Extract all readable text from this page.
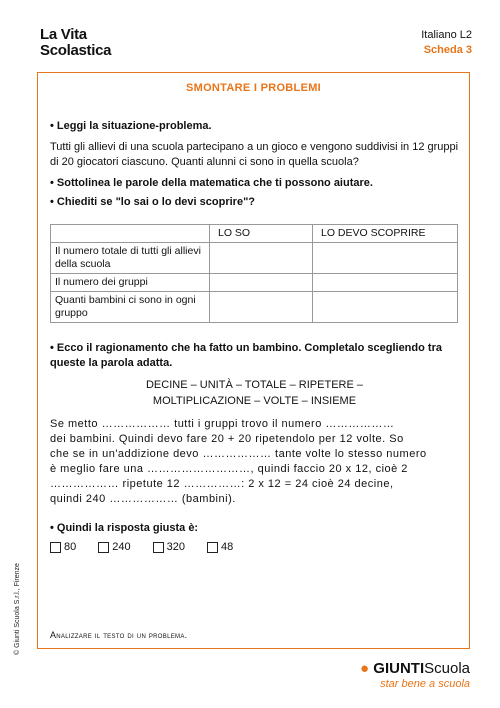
La Vita
Scolastica
Italiano L2
Scheda 3
SMONTARE I PROBLEMI

• Leggi la situazione-problema.

Tutti gli allievi di una scuola partecipano a un gioco e vengono suddivisi in 12 gruppi di 20 giocatori ciascuno. Quanti alunni ci sono in quella scuola?

• Sottolinea le parole della matematica che ti possono aiutare.

• Chiediti se "lo sai o lo devi scoprire"?

	LO SO	LO DEVO SCOPRIRE
Il numero totale di tutti gli allievi della scuola		
Il numero dei gruppi		
Quanti bambini ci sono in ogni gruppo		

• Ecco il ragionamento che ha fatto un bambino. Completalo scegliendo tra queste la parola adatta.

DECINE – UNITÀ – TOTALE – RIPETERE –
MOLTIPLICAZIONE – VOLTE – INSIEME
Se metto ……………… tutti i gruppi trovo il numero ………………
dei bambini. Quindi devo fare 20 + 20 ripetendolo per 12 volte. So
che se in un'addizione devo ……………… tante volte lo stesso numero
è meglio fare una ………………………, quindi faccio 20 x 12, cioè 2
……………… ripetute 12 ……………: 2 x 12 = 24 cioè 24 decine,
quindi 240 ……………… (bambini).

• Quindi la risposta giusta è:

80	240	320	48
Analizzare il testo di un problema.
© Giunti Scuola S.r.l., Firenze
● GIUNTIScuola
star bene a scuola
